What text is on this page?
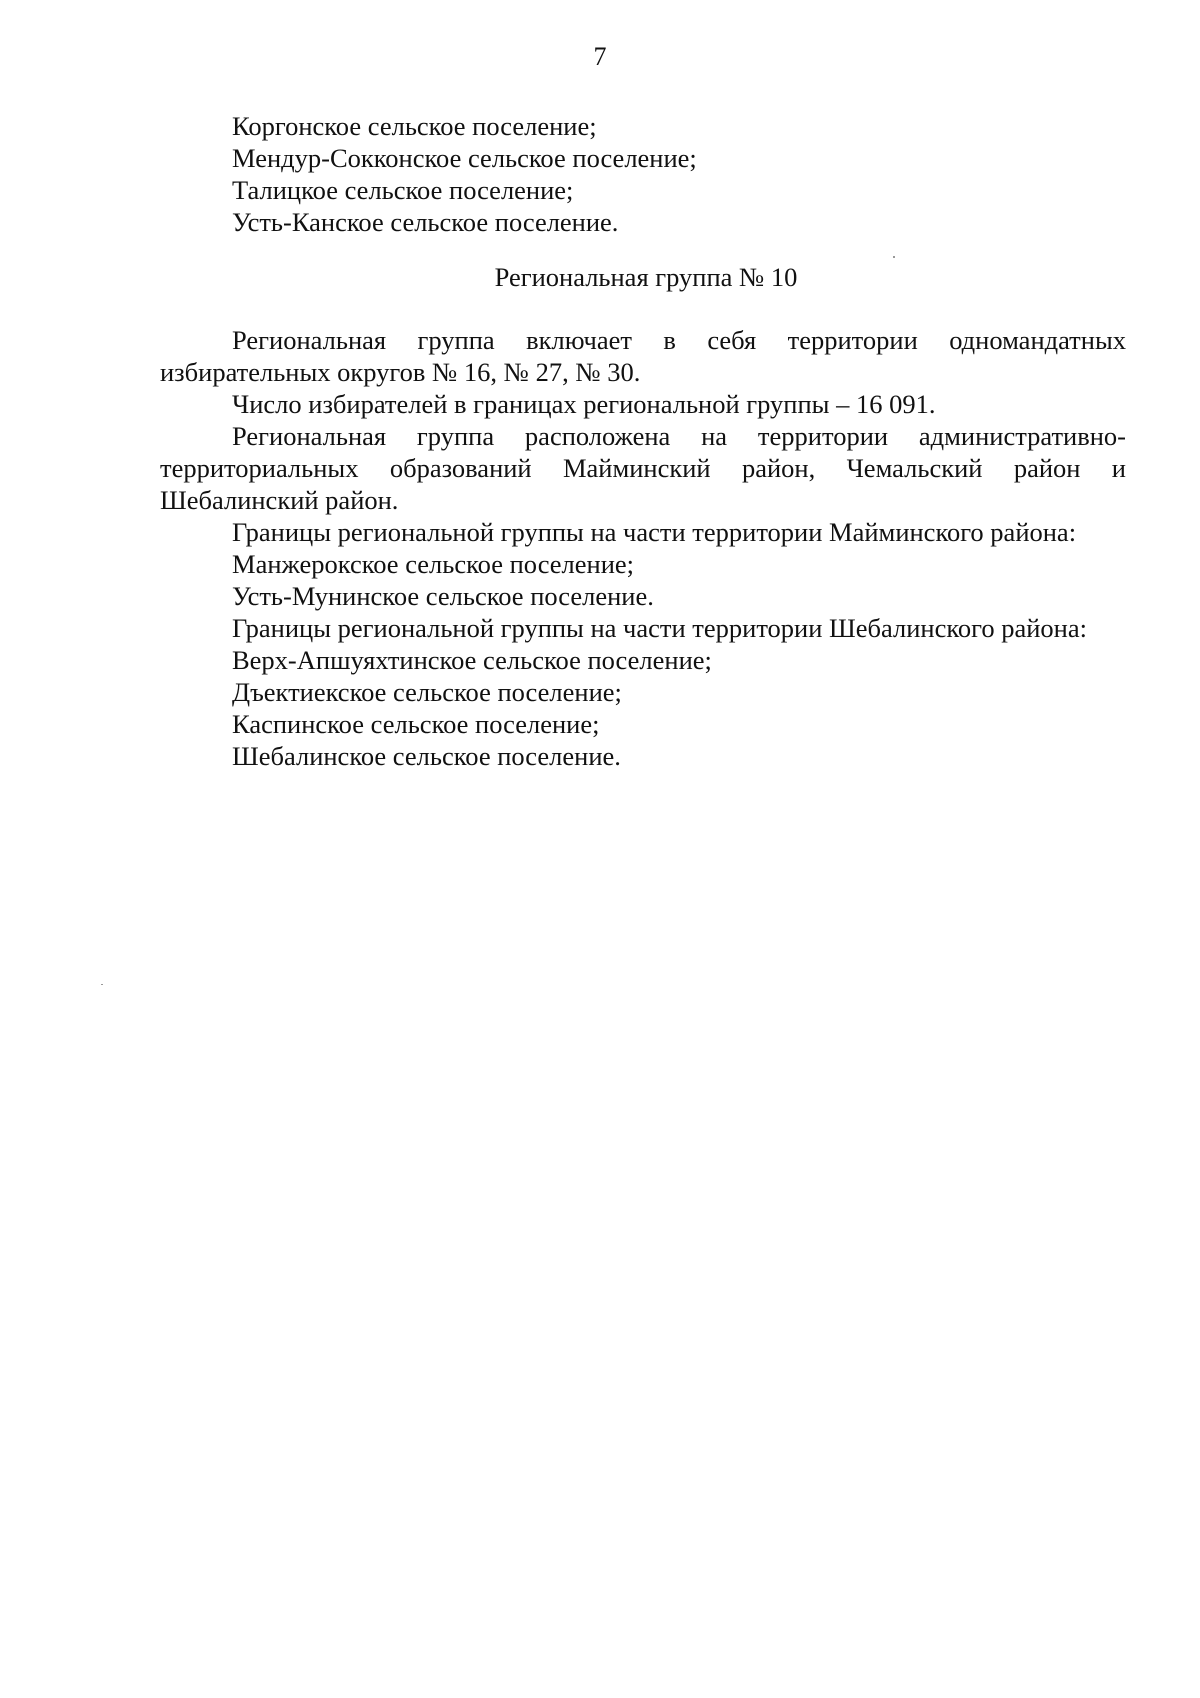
7
Коргонское сельское поселение;
Мендур-Сокконское сельское поселение;
Талицкое сельское поселение;
Усть-Канское сельское поселение.
Региональная группа № 10

Региональная группа включает в себя территории одномандатных избирательных округов № 16, № 27, № 30.

Число избирателей в границах региональной группы – 16 091.

Региональная группа расположена на территории административно-территориальных образований Майминский район, Чемальский район и Шебалинский район.

Границы региональной группы на части территории Майминского района:

Манжерокское сельское поселение;
Усть-Мунинское сельское поселение.

Границы региональной группы на части территории Шебалинского района:

Верх-Апшуяхтинское сельское поселение;
Дъектиекское сельское поселение;
Каспинское сельское поселение;
Шебалинское сельское поселение.
